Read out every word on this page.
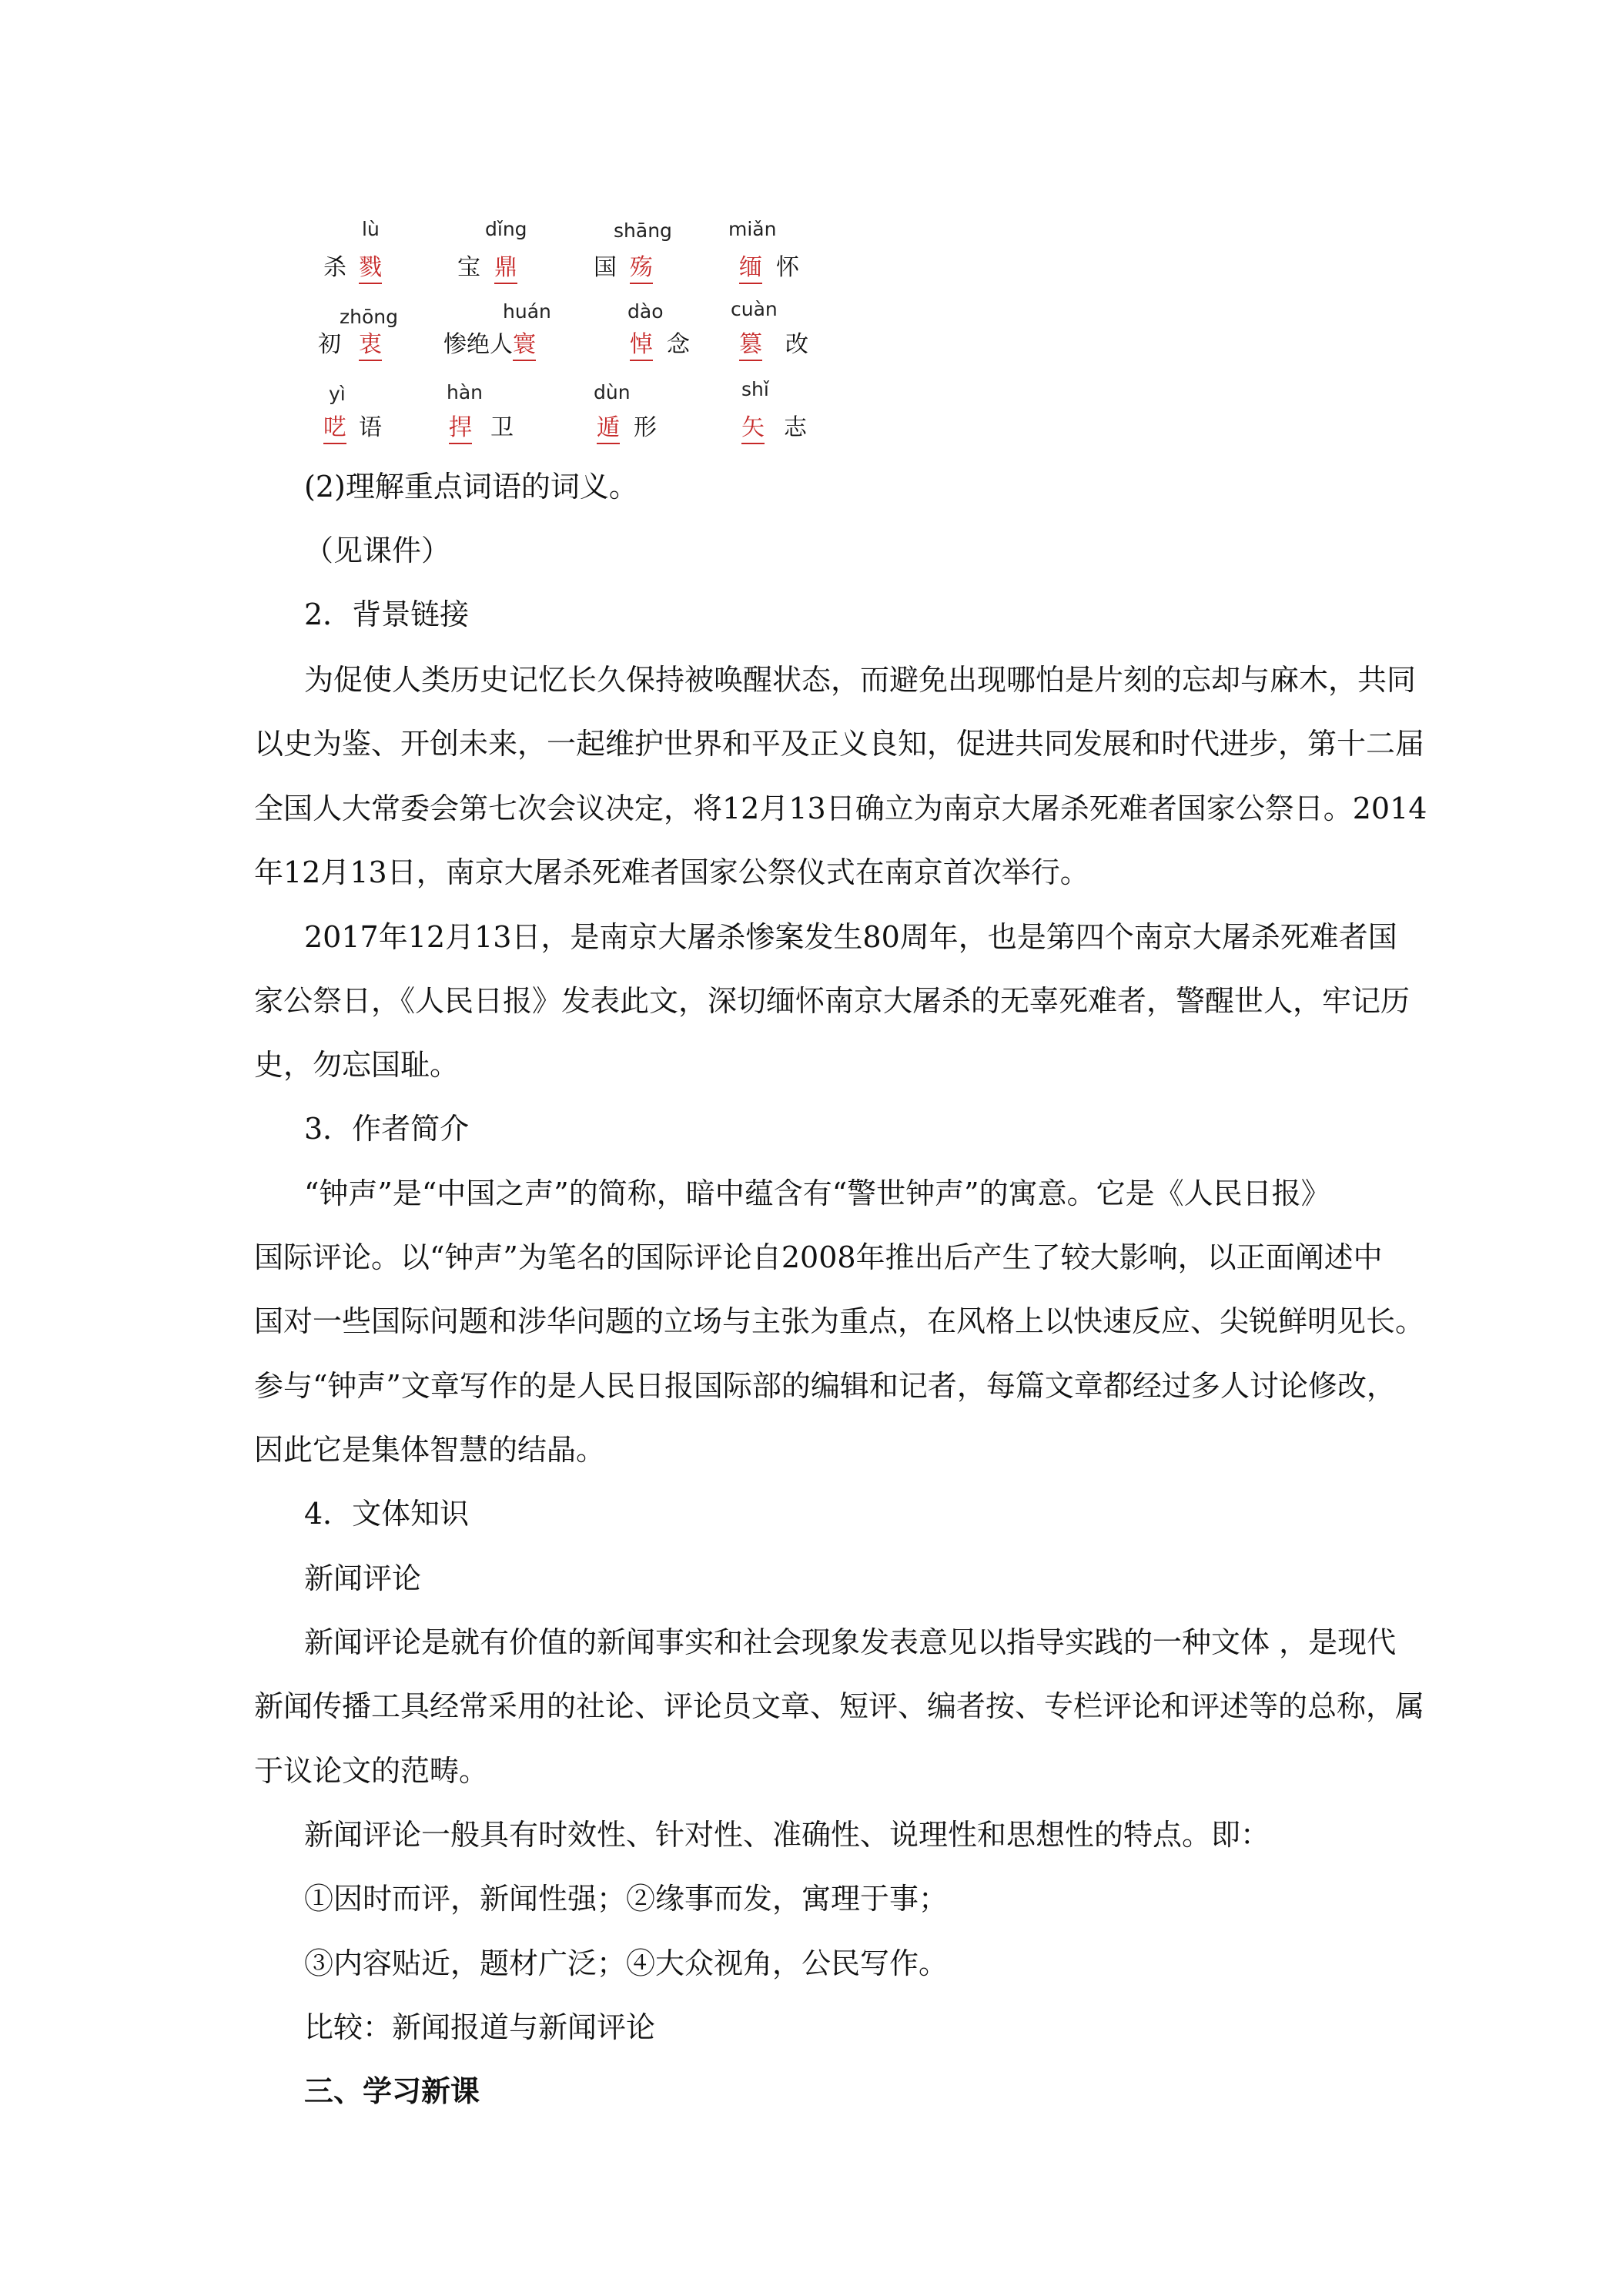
lù
杀 戮
dǐng
宝 鼎
shāng
国 殇
miǎn
缅 怀
zhōng
初 衷
huán
惨绝人 寰
dào
悼 念
cuàn
篡 改
yì
呓 语
hàn
捍 卫
dùn
遁 形
shǐ
矢 志
(2)理解重点词语的词义。
（见课件）
2．背景链接
为促使人类历史记忆长久保持被唤醒状态，而避免出现哪怕是片刻的忘却与麻木，共同
以史为鉴、开创未来，一起维护世界和平及正义良知，促进共同发展和时代进步，第十二届
全国人大常委会第七次会议决定，将12月13日确立为南京大屠杀死难者国家公祭日。2014
年12月13日，南京大屠杀死难者国家公祭仪式在南京首次举行。
2017年12月13日，是南京大屠杀惨案发生80周年，也是第四个南京大屠杀死难者国
家公祭日，《人民日报》发表此文，深切缅怀南京大屠杀的无辜死难者，警醒世人，牢记历
史，勿忘国耻。
3．作者简介
“钟声”是“中国之声”的简称，暗中蕴含有“警世钟声”的寓意。它是《人民日报》
国际评论。以“钟声”为笔名的国际评论自2008年推出后产生了较大影响，以正面阐述中
国对一些国际问题和涉华问题的立场与主张为重点，在风格上以快速反应、尖锐鲜明见长。
参与“钟声”文章写作的是人民日报国际部的编辑和记者，每篇文章都经过多人讨论修改，
因此它是集体智慧的结晶。
4．文体知识
新闻评论
新闻评论是就有价值的新闻事实和社会现象发表意见以指导实践的一种文体 ，是现代
新闻传播工具经常采用的社论、评论员文章、短评、编者按、专栏评论和评述等的总称，属
于议论文的范畴。
新闻评论一般具有时效性、针对性、准确性、说理性和思想性的特点。即：
①因时而评，新闻性强；②缘事而发，寓理于事；
③内容贴近，题材广泛；④大众视角，公民写作。
比较：新闻报道与新闻评论
三、学习新课
